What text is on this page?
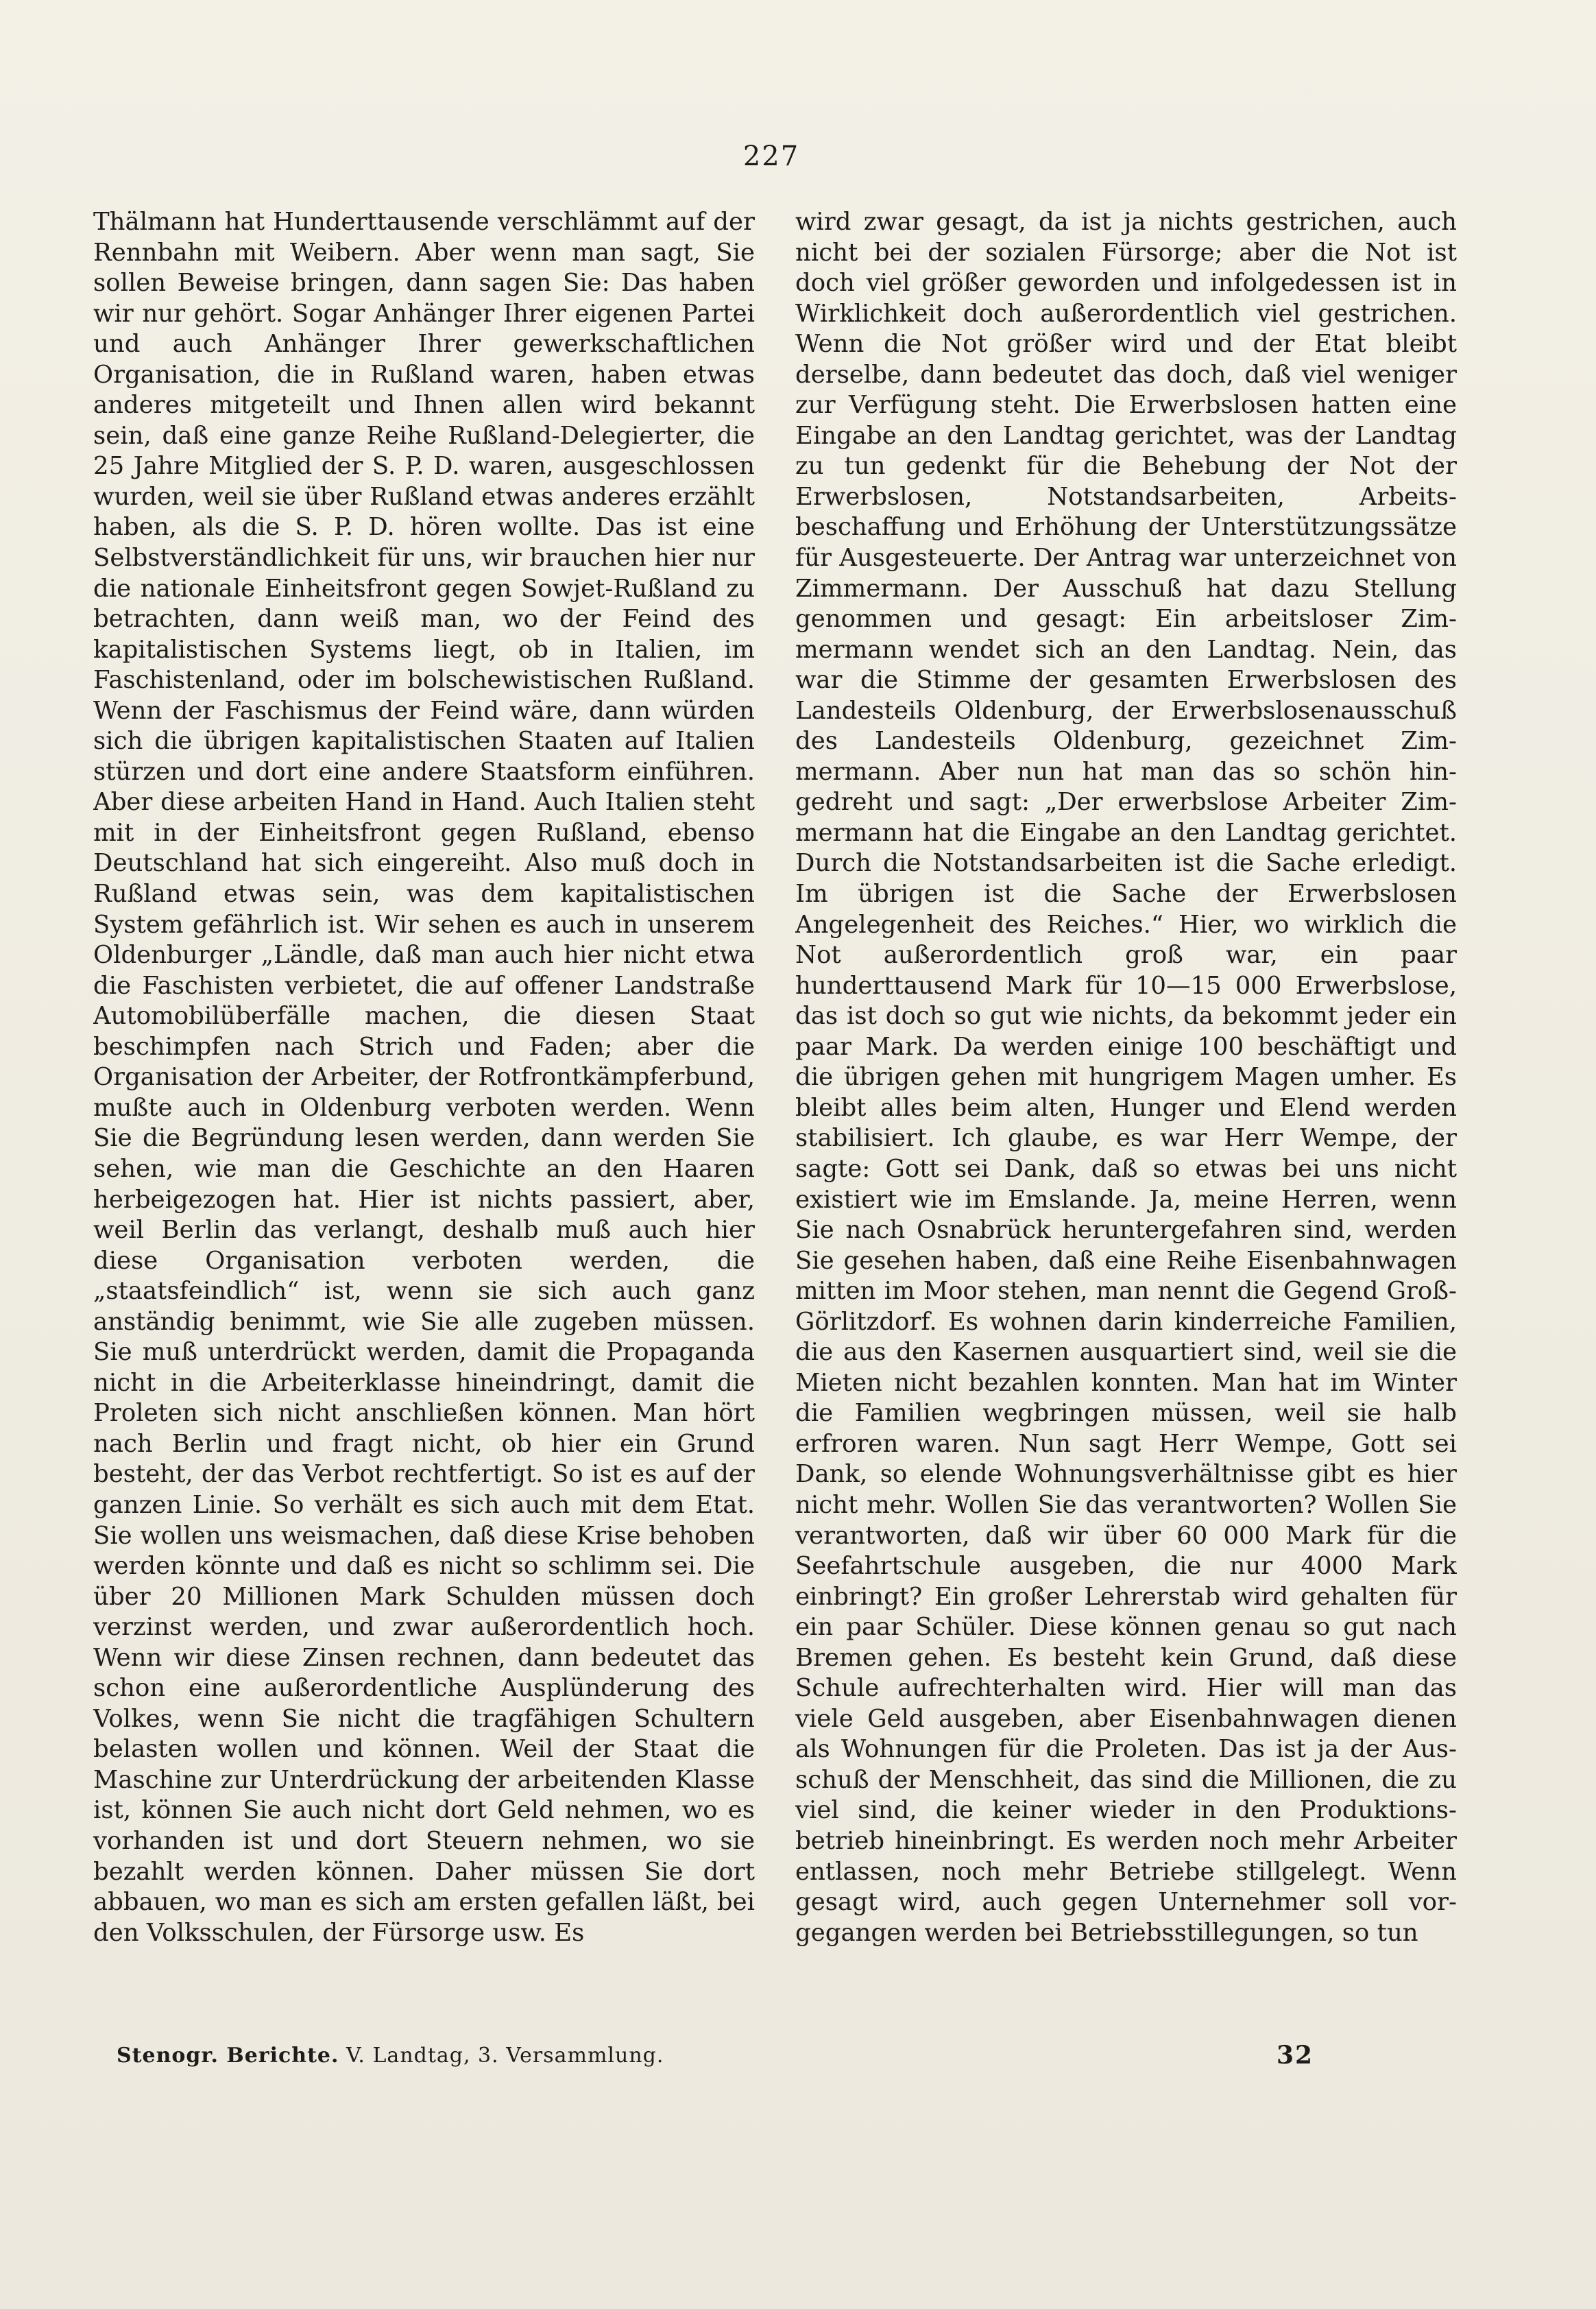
227

Thälmann hat Hunderttausende verschlämmt auf der Rennbahn mit Weibern. Aber wenn man sagt, Sie sollen Beweise bringen, dann sagen Sie: Das haben wir nur gehört. Sogar Anhänger Ihrer eigenen Partei und auch Anhänger Ihrer gewerkschaftlichen Organisation, die in Rußland waren, haben etwas anderes mitgeteilt und Ihnen allen wird bekannt sein, daß eine ganze Reihe Rußland-Delegierter, die 25 Jahre Mitglied der S. P. D. waren, ausgeschlossen wurden, weil sie über Rußland etwas anderes erzählt haben, als die S. P. D. hören wollte. Das ist eine Selbstverständlichkeit für uns, wir brauchen hier nur die nationale Einheitsfront gegen Sowjet-Rußland zu betrachten, dann weiß man, wo der Feind des kapitalistischen Systems liegt, ob in Italien, im Faschistenland, oder im bolschewistischen Rußland. Wenn der Faschismus der Feind wäre, dann würden sich die übrigen kapitalistischen Staaten auf Italien stürzen und dort eine andere Staatsform einführen. Aber diese arbeiten Hand in Hand. Auch Italien steht mit in der Einheitsfront gegen Rußland, ebenso Deutschland hat sich eingereiht. Also muß doch in Rußland etwas sein, was dem kapitalistischen System gefährlich ist. Wir sehen es auch in unserem Oldenburger „Ländle, daß man auch hier nicht etwa die Faschisten verbietet, die auf offener Landstraße Automobilüberfälle machen, die diesen Staat beschimpfen nach Strich und Faden; aber die Organisation der Arbeiter, der Rotfrontkämpferbund, mußte auch in Oldenburg verboten werden. Wenn Sie die Begründung lesen werden, dann werden Sie sehen, wie man die Geschichte an den Haaren herbeigezogen hat. Hier ist nichts passiert, aber, weil Berlin das verlangt, deshalb muß auch hier diese Organisation verboten werden, die „staatsfeindlich“ ist, wenn sie sich auch ganz anständig benimmt, wie Sie alle zugeben müssen. Sie muß unterdrückt werden, damit die Propaganda nicht in die Arbeiterklasse hineindringt, damit die Proleten sich nicht anschließen können. Man hört nach Berlin und fragt nicht, ob hier ein Grund besteht, der das Verbot rechtfertigt. So ist es auf der ganzen Linie. So verhält es sich auch mit dem Etat. Sie wollen uns weismachen, daß diese Krise behoben werden könnte und daß es nicht so schlimm sei. Die über 20 Millionen Mark Schulden müssen doch verzinst werden, und zwar außerordentlich hoch. Wenn wir diese Zinsen rechnen, dann bedeutet das schon eine außerordentliche Ausplünderung des Volkes, wenn Sie nicht die tragfähigen Schultern belasten wollen und können. Weil der Staat die Maschine zur Unterdrückung der arbeitenden Klasse ist, können Sie auch nicht dort Geld nehmen, wo es vorhanden ist und dort Steuern nehmen, wo sie bezahlt werden können. Daher müssen Sie dort abbauen, wo man es sich am ersten gefallen läßt, bei den Volksschulen, der Fürsorge usw. Es

wird zwar gesagt, da ist ja nichts gestrichen, auch nicht bei der sozialen Fürsorge; aber die Not ist doch viel größer geworden und infolgedessen ist in Wirklichkeit doch außerordentlich viel gestrichen. Wenn die Not größer wird und der Etat bleibt derselbe, dann bedeutet das doch, daß viel weniger zur Verfügung steht. Die Erwerbslosen hatten eine Eingabe an den Landtag gerichtet, was der Landtag zu tun gedenkt für die Behebung der Not der Erwerbslosen, Notstandsarbeiten, Arbeitsbeschaffung und Erhöhung der Unterstützungssätze für Ausgesteuerte. Der Antrag war unterzeichnet von Zimmermann. Der Ausschuß hat dazu Stellung genommen und gesagt: Ein arbeitsloser Zimmermann wendet sich an den Landtag. Nein, das war die Stimme der gesamten Erwerbslosen des Landesteils Oldenburg, der Erwerbslosenausschuß des Landesteils Oldenburg, gezeichnet Zimmermann. Aber nun hat man das so schön hingedreht und sagt: „Der erwerbslose Arbeiter Zimmermann hat die Eingabe an den Landtag gerichtet. Durch die Notstandsarbeiten ist die Sache erledigt. Im übrigen ist die Sache der Erwerbslosen Angelegenheit des Reiches.“ Hier, wo wirklich die Not außerordentlich groß war, ein paar hunderttausend Mark für 10—15 000 Erwerbslose, das ist doch so gut wie nichts, da bekommt jeder ein paar Mark. Da werden einige 100 beschäftigt und die übrigen gehen mit hungrigem Magen umher. Es bleibt alles beim alten, Hunger und Elend werden stabilisiert. Ich glaube, es war Herr Wempe, der sagte: Gott sei Dank, daß so etwas bei uns nicht existiert wie im Emslande. Ja, meine Herren, wenn Sie nach Osnabrück heruntergefahren sind, werden Sie gesehen haben, daß eine Reihe Eisenbahnwagen mitten im Moor stehen, man nennt die Gegend Groß-Görlitzdorf. Es wohnen darin kinderreiche Familien, die aus den Kasernen ausquartiert sind, weil sie die Mieten nicht bezahlen konnten. Man hat im Winter die Familien wegbringen müssen, weil sie halb erfroren waren. Nun sagt Herr Wempe, Gott sei Dank, so elende Wohnungsverhältnisse gibt es hier nicht mehr. Wollen Sie das verantworten? Wollen Sie verantworten, daß wir über 60 000 Mark für die Seefahrtschule ausgeben, die nur 4000 Mark einbringt? Ein großer Lehrerstab wird gehalten für ein paar Schüler. Diese können genau so gut nach Bremen gehen. Es besteht kein Grund, daß diese Schule aufrechterhalten wird. Hier will man das viele Geld ausgeben, aber Eisenbahnwagen dienen als Wohnungen für die Proleten. Das ist ja der Ausschuß der Menschheit, das sind die Millionen, die zu viel sind, die keiner wieder in den Produktionsbetrieb hineinbringt. Es werden noch mehr Arbeiter entlassen, noch mehr Betriebe stillgelegt. Wenn gesagt wird, auch gegen Unternehmer soll vorgegangen werden bei Betriebsstillegungen, so tun

Stenogr. Berichte. V. Landtag, 3. Versammlung.	32
